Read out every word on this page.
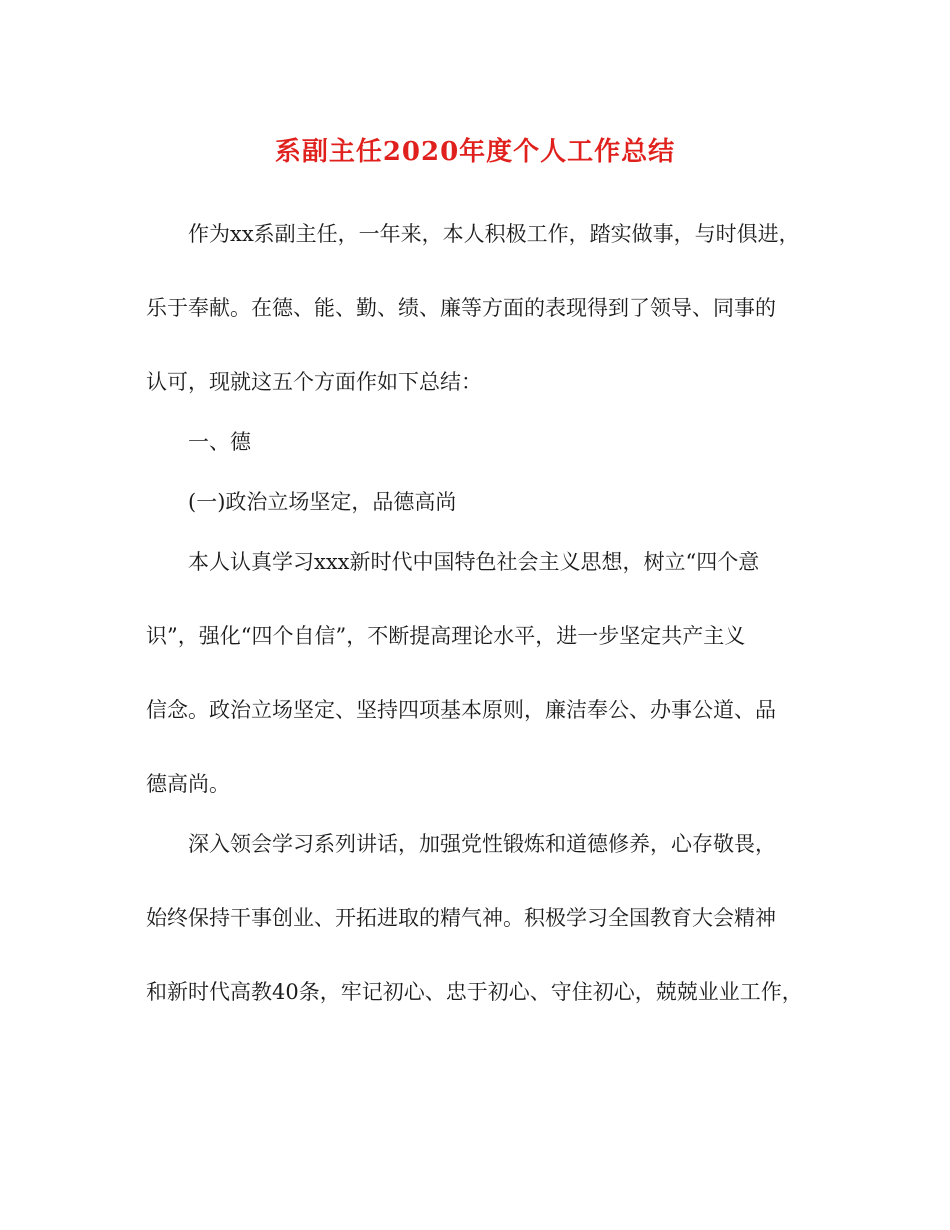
系副主任2020年度个人工作总结

作为xx系副主任，一年来，本人积极工作，踏实做事，与时俱进，

乐于奉献。在德、能、勤、绩、廉等方面的表现得到了领导、同事的

认可，现就这五个方面作如下总结：

一、德

(一)政治立场坚定，品德高尚

本人认真学习xxx新时代中国特色社会主义思想，树立“四个意

识”，强化“四个自信”，不断提高理论水平，进一步坚定共产主义

信念。政治立场坚定、坚持四项基本原则，廉洁奉公、办事公道、品

德高尚。

深入领会学习系列讲话，加强党性锻炼和道德修养，心存敬畏，

始终保持干事创业、开拓进取的精气神。积极学习全国教育大会精神

和新时代高教40条，牢记初心、忠于初心、守住初心，兢兢业业工作，
